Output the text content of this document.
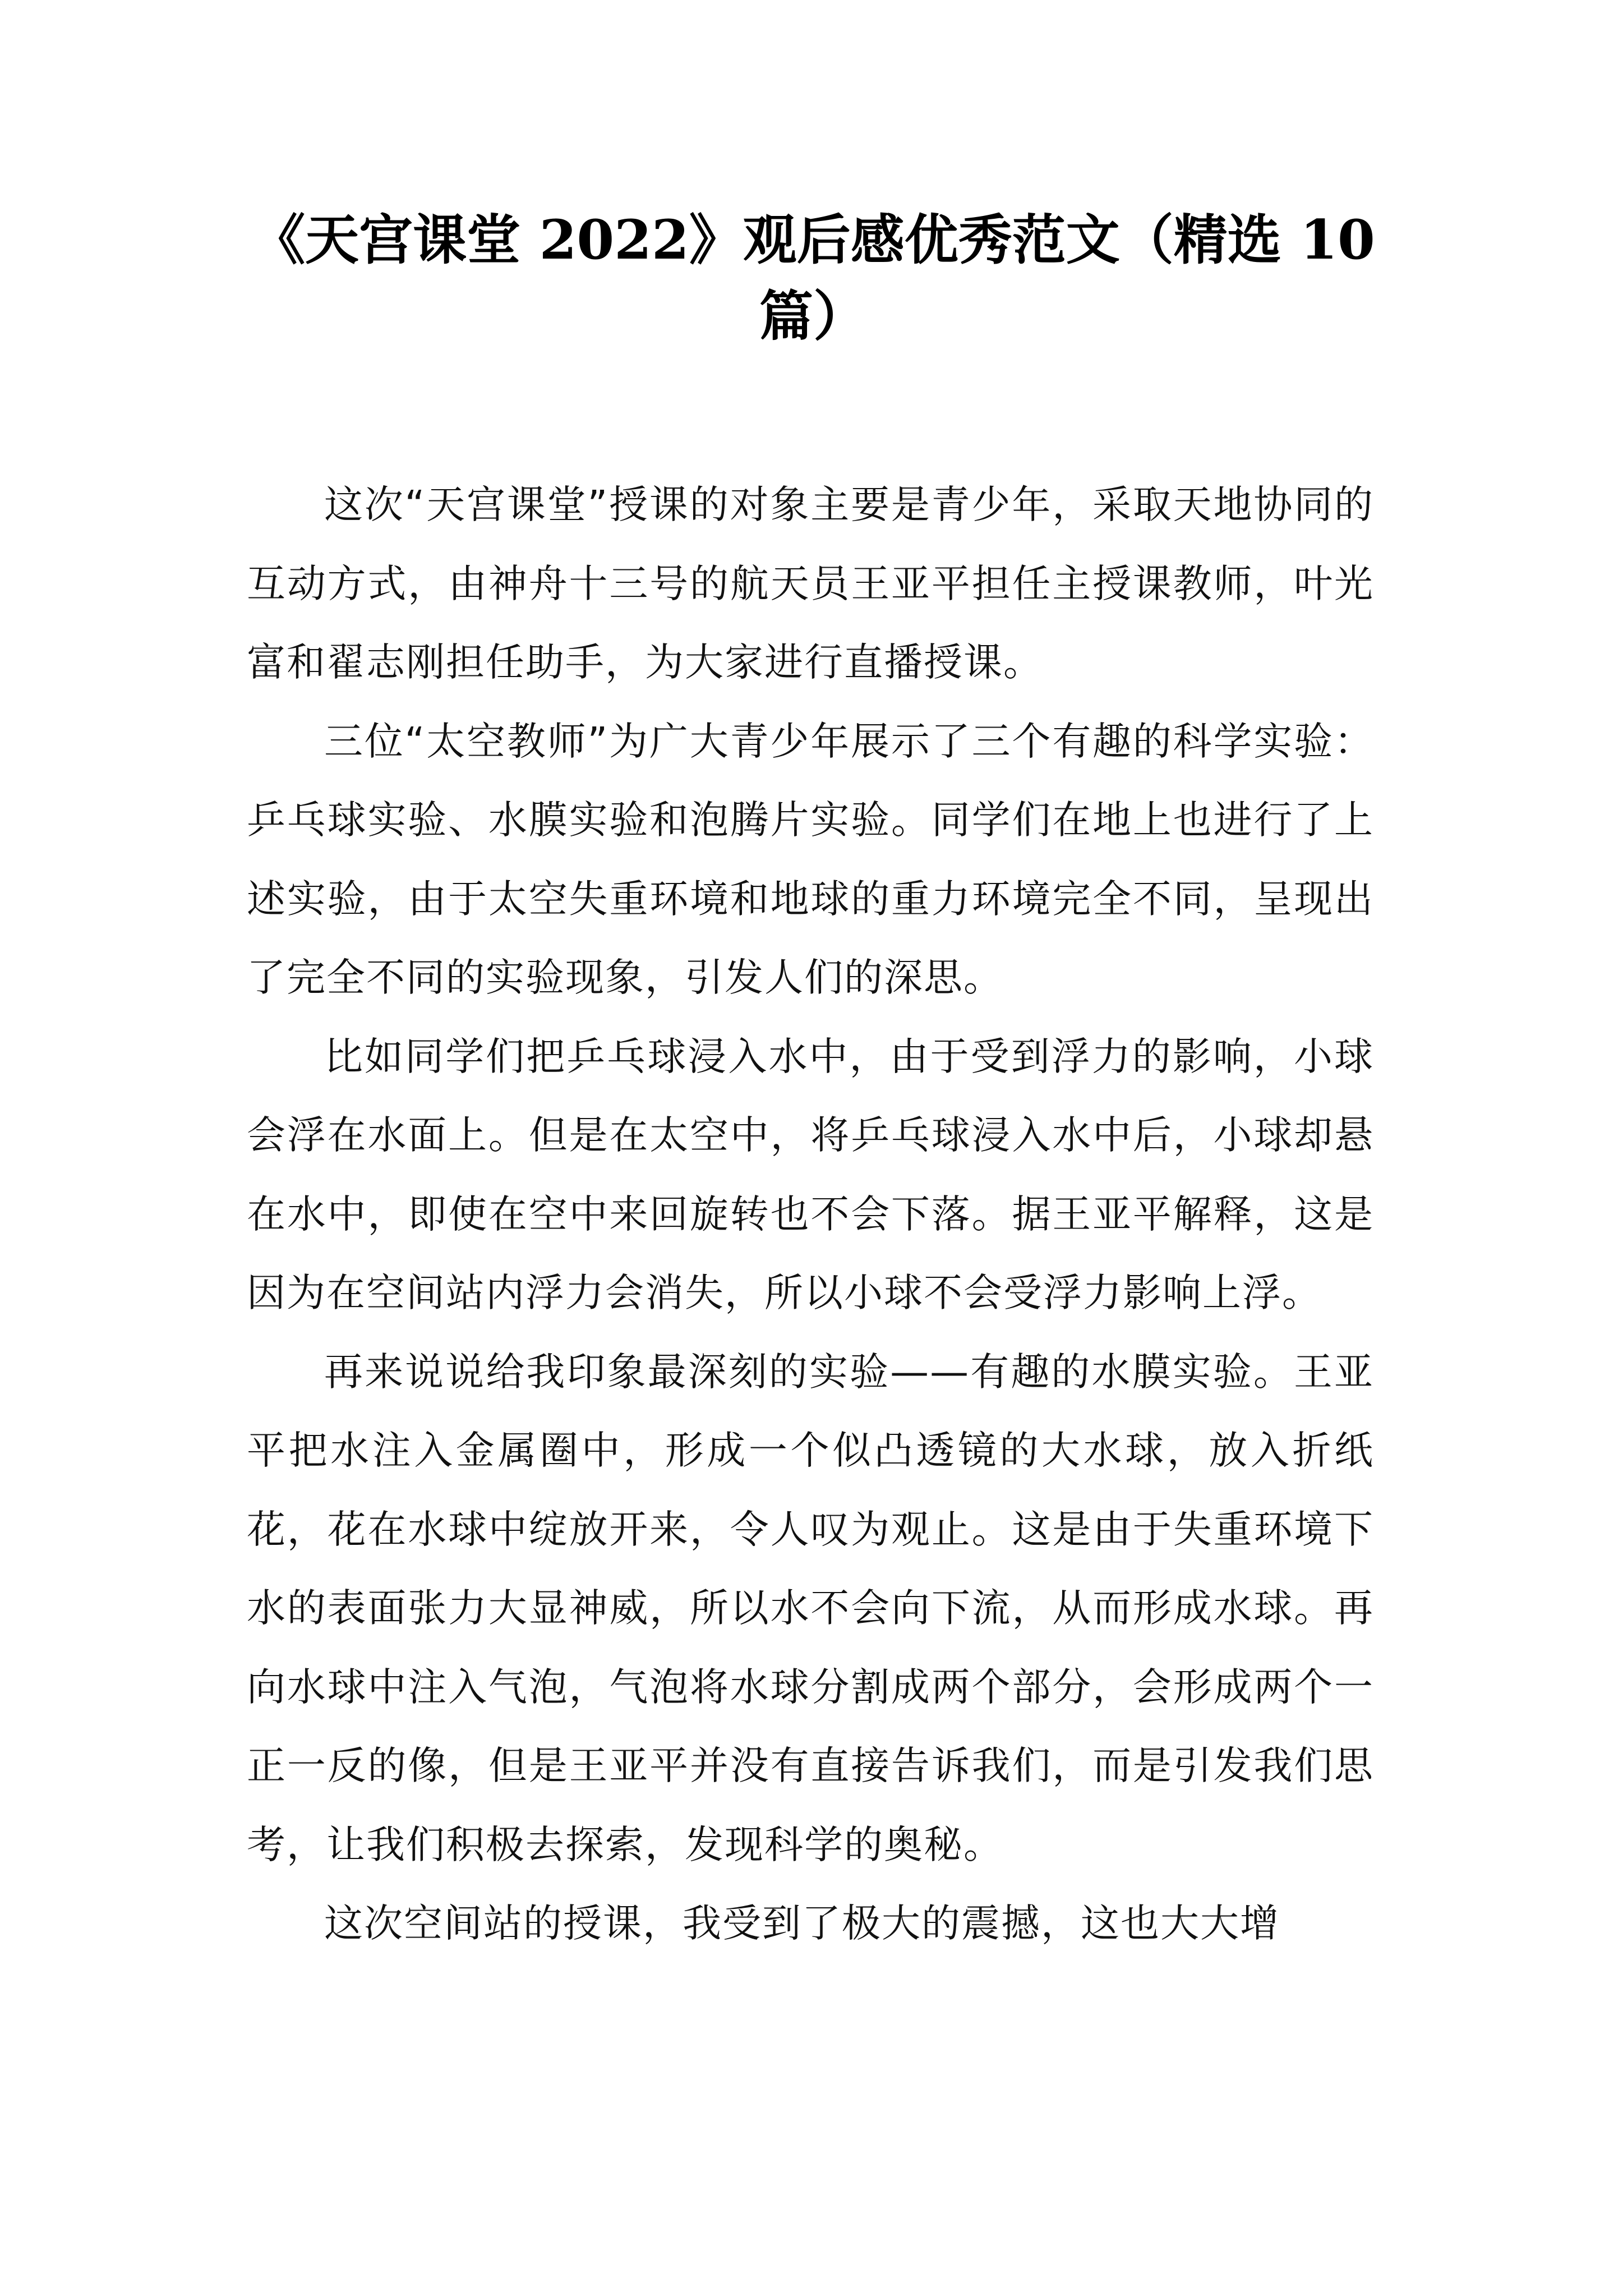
《天宫课堂 2022》观后感优秀范文（精选 10 篇）

这次“天宫课堂”授课的对象主要是青少年，采取天地协同的互动方式，由神舟十三号的航天员王亚平担任主授课教师，叶光富和翟志刚担任助手，为大家进行直播授课。

三位“太空教师”为广大青少年展示了三个有趣的科学实验：乒乓球实验、水膜实验和泡腾片实验。同学们在地上也进行了上述实验，由于太空失重环境和地球的重力环境完全不同，呈现出了完全不同的实验现象，引发人们的深思。

比如同学们把乒乓球浸入水中，由于受到浮力的影响，小球会浮在水面上。但是在太空中，将乒乓球浸入水中后，小球却悬在水中，即使在空中来回旋转也不会下落。据王亚平解释，这是因为在空间站内浮力会消失，所以小球不会受浮力影响上浮。

再来说说给我印象最深刻的实验——有趣的水膜实验。王亚平把水注入金属圈中，形成一个似凸透镜的大水球，放入折纸花，花在水球中绽放开来，令人叹为观止。这是由于失重环境下水的表面张力大显神威，所以水不会向下流，从而形成水球。再向水球中注入气泡，气泡将水球分割成两个部分，会形成两个一正一反的像，但是王亚平并没有直接告诉我们，而是引发我们思考，让我们积极去探索，发现科学的奥秘。

这次空间站的授课，我受到了极大的震撼，这也大大增
